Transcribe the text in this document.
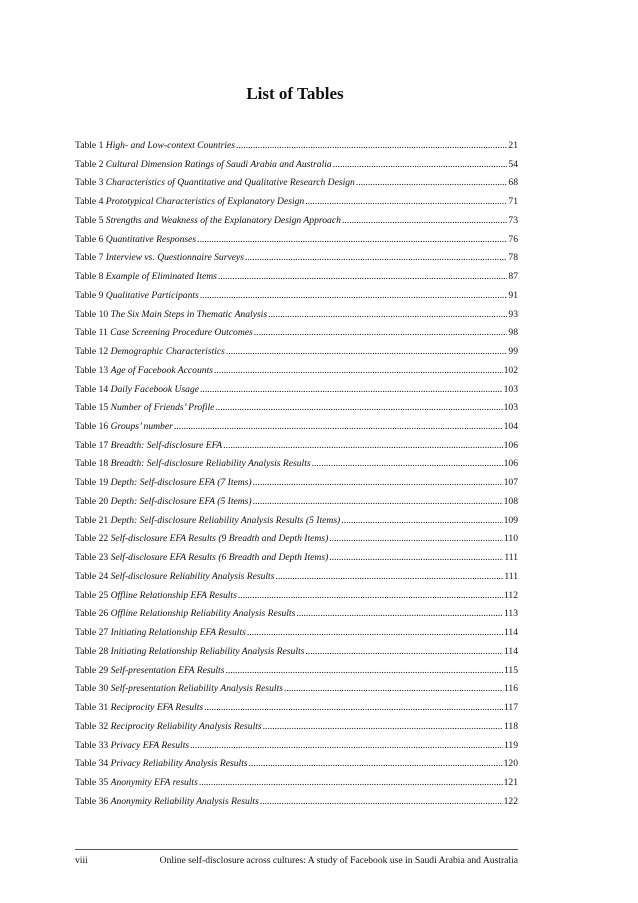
List of Tables
Table 1 High- and Low-context Countries .....	21
Table 2 Cultural Dimension Ratings of Saudi Arabia and Australia .....	54
Table 3 Characteristics of Quantitative and Qualitative Research Design .....	68
Table 4 Prototypical Characteristics of Explanatory Design .....	71
Table 5 Strengths and Weakness of the Explanatory Design Approach .....	73
Table 6 Quantitative Responses .....	76
Table 7 Interview vs. Questionnaire Surveys .....	78
Table 8 Example of Eliminated Items .....	87
Table 9 Qualitative Participants .....	91
Table 10 The Six Main Steps in Thematic Analysis .....	93
Table 11 Case Screening Procedure Outcomes .....	98
Table 12 Demographic Characteristics .....	99
Table 13 Age of Facebook Accounts .....	102
Table 14 Daily Facebook Usage .....	103
Table 15 Number of Friends’ Profile .....	103
Table 16 Groups’ number .....	104
Table 17 Breadth: Self-disclosure EFA .....	106
Table 18 Breadth: Self-disclosure Reliability Analysis Results .....	106
Table 19 Depth: Self-disclosure EFA (7 Items) .....	107
Table 20 Depth: Self-disclosure EFA (5 Items) .....	108
Table 21 Depth: Self-disclosure Reliability Analysis Results (5 Items) .....	109
Table 22 Self-disclosure EFA Results (9 Breadth and Depth Items) .....	110
Table 23 Self-disclosure EFA Results (6 Breadth and Depth Items) .....	111
Table 24 Self-disclosure Reliability Analysis Results .....	111
Table 25 Offline Relationship EFA Results .....	112
Table 26 Offline Relationship Reliability Analysis Results .....	113
Table 27 Initiating Relationship EFA Results .....	114
Table 28 Initiating Relationship Reliability Analysis Results .....	114
Table 29 Self-presentation EFA Results .....	115
Table 30 Self-presentation Reliability Analysis Results .....	116
Table 31 Reciprocity EFA Results .....	117
Table 32 Reciprocity Reliability Analysis Results .....	118
Table 33 Privacy EFA Results .....	119
Table 34 Privacy Reliability Analysis Results .....	120
Table 35 Anonymity EFA results .....	121
Table 36 Anonymity Reliability Analysis Results .....	122
viii	Online self-disclosure across cultures: A study of Facebook use in Saudi Arabia and Australia
